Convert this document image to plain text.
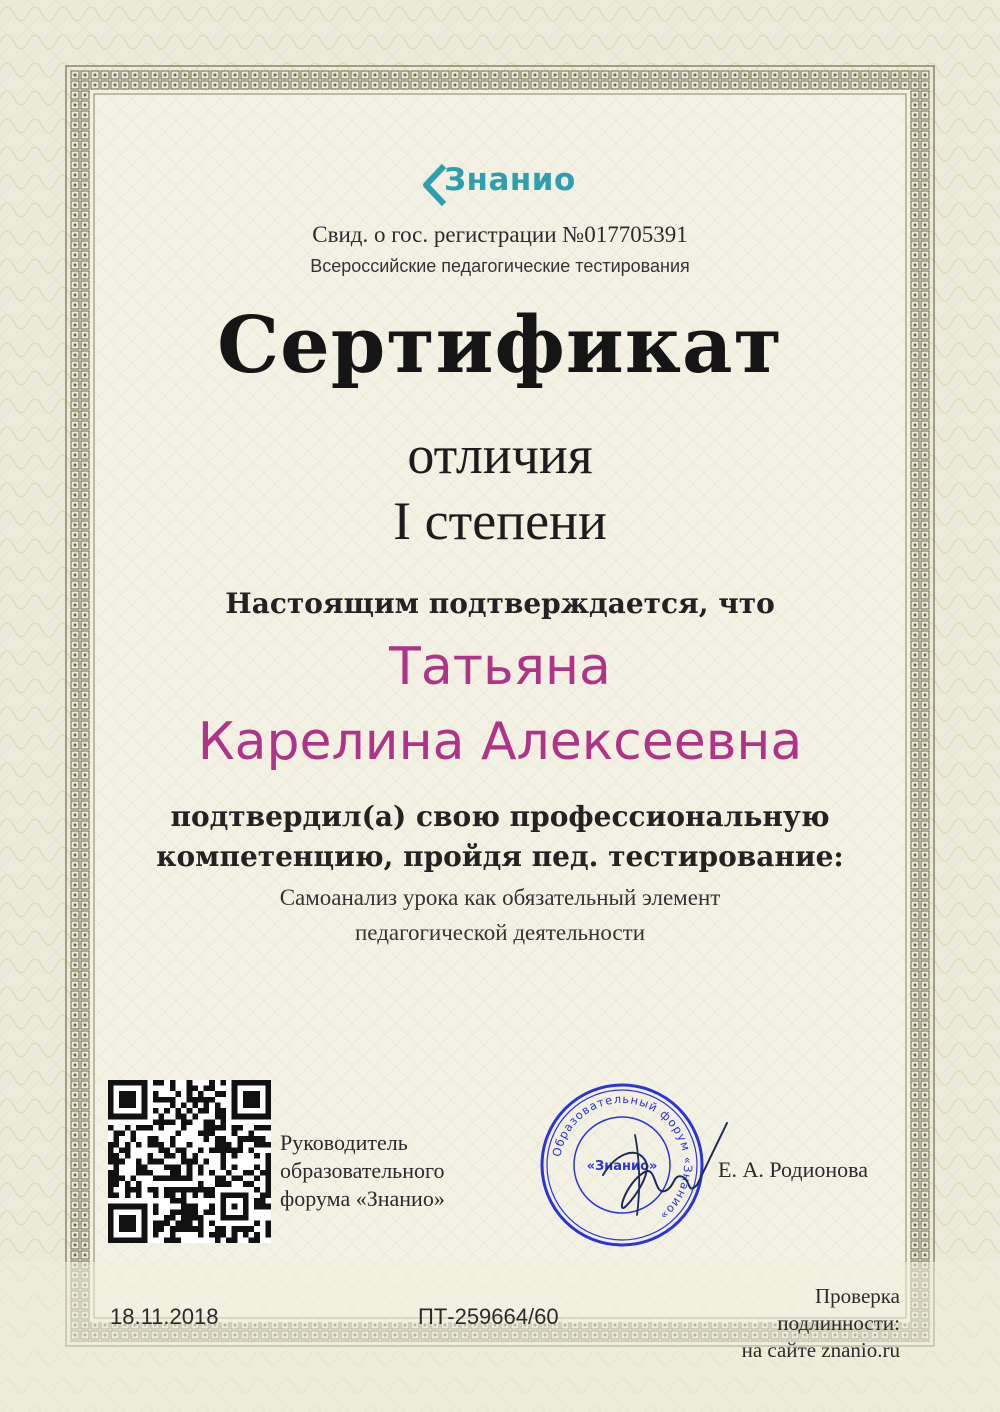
Знанио
Свид. о гос. регистрации №017705391
Всероссийские педагогические тестирования
Сертификат
отличия
I степени
Настоящим подтверждается, что
Татьяна
Карелина Алексеевна
подтвердил(а) свою профессиональную
компетенцию, пройдя пед. тестирование:
Самоанализ урока как обязательный элемент
педагогической деятельности
Руководитель
образовательного
форума «Знанио»
Образовательный форум «Знанио»
«Знанио»	Е. А. Родионова
18.11.2018	ПТ-259664/60
Проверка
подлинности:
на сайте znanio.ru
